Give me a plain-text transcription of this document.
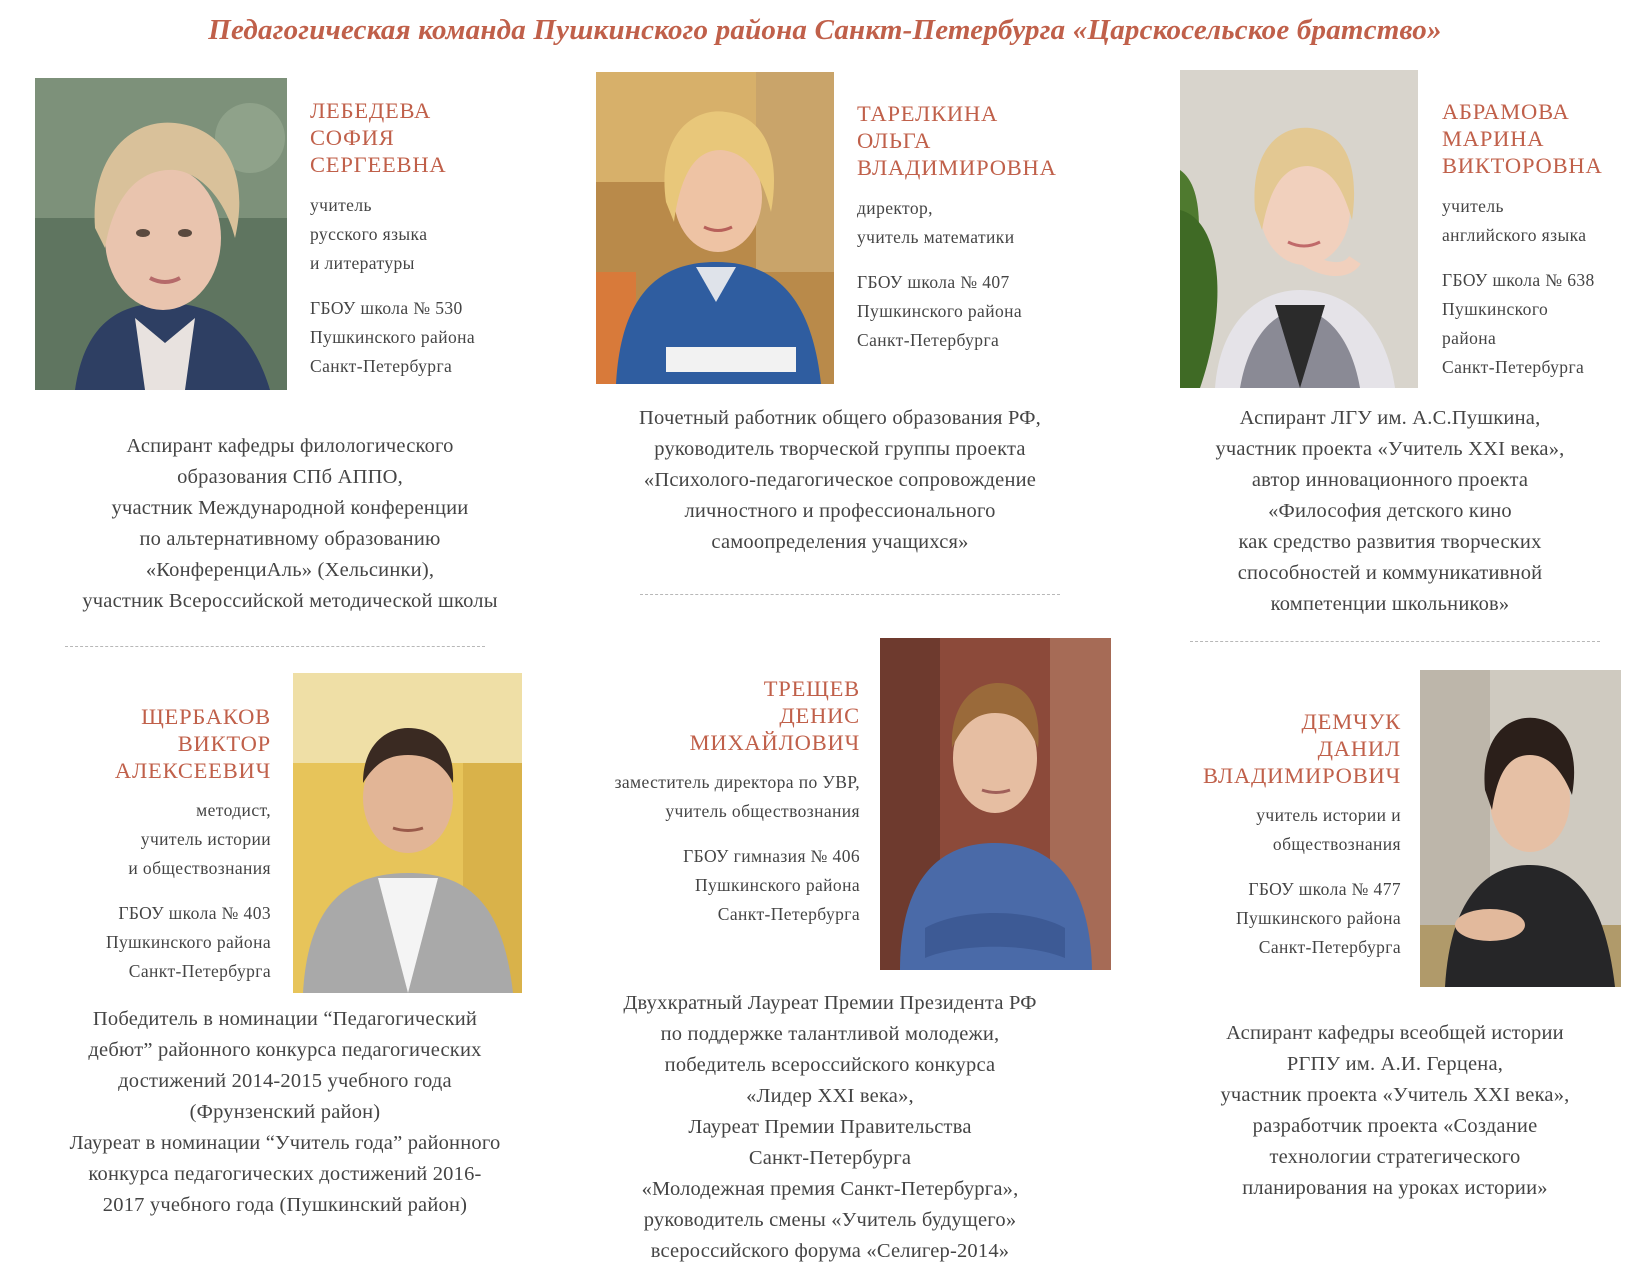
Педагогическая команда Пушкинского района Санкт-Петербурга «Царскосельское братство»
ЛЕБЕДЕВА
СОФИЯ
СЕРГЕЕВНА
учитель
русского языка
и литературы
ГБОУ школа № 530
Пушкинского района
Санкт-Петербурга
Аспирант кафедры филологического
образования СПб АППО,
участник Международной конференции
по альтернативному образованию
«КонференциАль» (Хельсинки),
участник Всероссийской методической школы
ТАРЕЛКИНА
ОЛЬГА
ВЛАДИМИРОВНА
директор,
учитель математики
ГБОУ школа № 407
Пушкинского района
Санкт-Петербурга
Почетный работник общего образования РФ,
руководитель творческой группы проекта
«Психолого-педагогическое сопровождение
личностного и профессионального
самоопределения учащихся»
АБРАМОВА
МАРИНА
ВИКТОРОВНА
учитель
английского языка
ГБОУ школа № 638
Пушкинского
района
Санкт-Петербурга
Аспирант ЛГУ им. А.С.Пушкина,
участник проекта «Учитель XXI века»,
автор инновационного проекта
«Философия детского кино
как средство развития творческих
способностей и коммуникативной
компетенции школьников»
ЩЕРБАКОВ
ВИКТОР
АЛЕКСЕЕВИЧ
методист,
учитель истории
и обществознания
ГБОУ школа № 403
Пушкинского района
Санкт-Петербурга
Победитель в номинации “Педагогический
дебют” районного конкурса педагогических
достижений 2014-2015 учебного года
(Фрунзенский район)
Лауреат в номинации “Учитель года” районного
конкурса педагогических достижений 2016-
2017 учебного года (Пушкинский район)
ТРЕЩЕВ
ДЕНИС
МИХАЙЛОВИЧ
заместитель директора по УВР,
учитель обществознания
ГБОУ гимназия № 406
Пушкинского района
Санкт-Петербурга
Двухкратный Лауреат Премии Президента РФ
по поддержке талантливой молодежи,
победитель всероссийского конкурса
«Лидер XXI века»,
Лауреат Премии Правительства
Санкт-Петербурга
«Молодежная премия Санкт-Петербурга»,
руководитель смены «Учитель будущего»
всероссийского форума «Селигер-2014»
ДЕМЧУК
ДАНИЛ
ВЛАДИМИРОВИЧ
учитель истории и
обществознания
ГБОУ школа № 477
Пушкинского района
Санкт-Петербурга
Аспирант кафедры всеобщей истории
РГПУ им. А.И. Герцена,
участник проекта «Учитель XXI века»,
разработчик проекта «Создание
технологии стратегического
планирования на уроках истории»
